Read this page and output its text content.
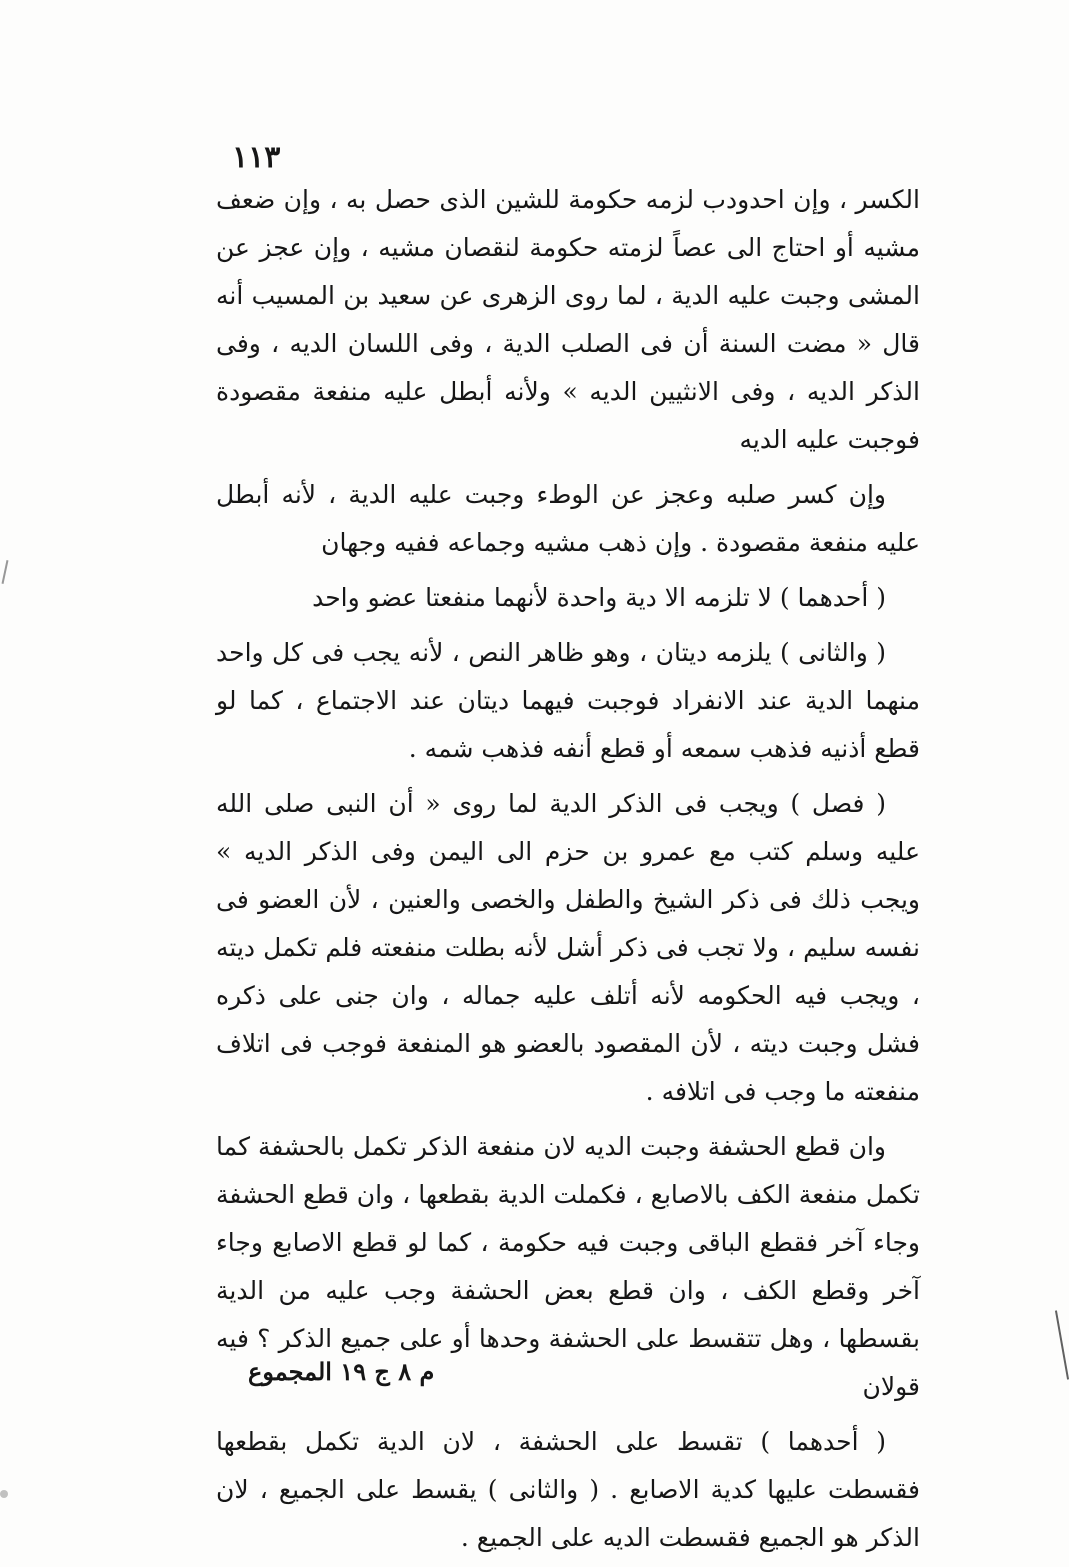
١١٣

الكسر ، وإن احدودب لزمه حكومة للشين الذى حصل به ، وإن ضعف مشيه أو احتاج الى عصاً لزمته حكومة لنقصان مشيه ، وإن عجز عن المشى وجبت عليه الدية ، لما روى الزهرى عن سعيد بن المسيب أنه قال « مضت السنة أن فى الصلب الدية ، وفى اللسان الديه ، وفى الذكر الديه ، وفى الانثيين الديه » ولأنه أبطل عليه منفعة مقصودة فوجبت عليه الديه

وإن كسر صلبه وعجز عن الوطء وجبت عليه الدية ، لأنه أبطل عليه منفعة مقصودة . وإن ذهب مشيه وجماعه ففيه وجهان

( أحدهما ) لا تلزمه الا دية واحدة لأنهما منفعتا عضو واحد

( والثانى ) يلزمه ديتان ، وهو ظاهر النص ، لأنه يجب فى كل واحد منهما الدية عند الانفراد فوجبت فيهما ديتان عند الاجتماع ، كما لو قطع أذنيه فذهب سمعه أو قطع أنفه فذهب شمه .

( فصل ) ويجب فى الذكر الدية لما روى « أن النبى صلى الله عليه وسلم كتب مع عمرو بن حزم الى اليمن وفى الذكر الديه » ويجب ذلك فى ذكر الشيخ والطفل والخصى والعنين ، لأن العضو فى نفسه سليم ، ولا تجب فى ذكر أشل لأنه بطلت منفعته فلم تكمل ديته ، ويجب فيه الحكومه لأنه أتلف عليه جماله ، وان جنى على ذكره فشل وجبت ديته ، لأن المقصود بالعضو هو المنفعة فوجب فى اتلاف منفعته ما وجب فى اتلافه .

وان قطع الحشفة وجبت الديه لان منفعة الذكر تكمل بالحشفة كما تكمل منفعة الكف بالاصابع ، فكملت الدية بقطعها ، وان قطع الحشفة وجاء آخر فقطع الباقى وجبت فيه حكومة ، كما لو قطع الاصابع وجاء آخر وقطع الكف ، وان قطع بعض الحشفة وجب عليه من الدية بقسطها ، وهل تتقسط على الحشفة وحدها أو على جميع الذكر ؟ فيه قولان

( أحدهما ) تقسط على الحشفة ، لان الدية تكمل بقطعها فقسطت عليها كدية الاصابع . ( والثانى ) يقسط على الجميع ، لان الذكر هو الجميع فقسطت الديه على الجميع .

م ٨ ج ١٩ المجموع
